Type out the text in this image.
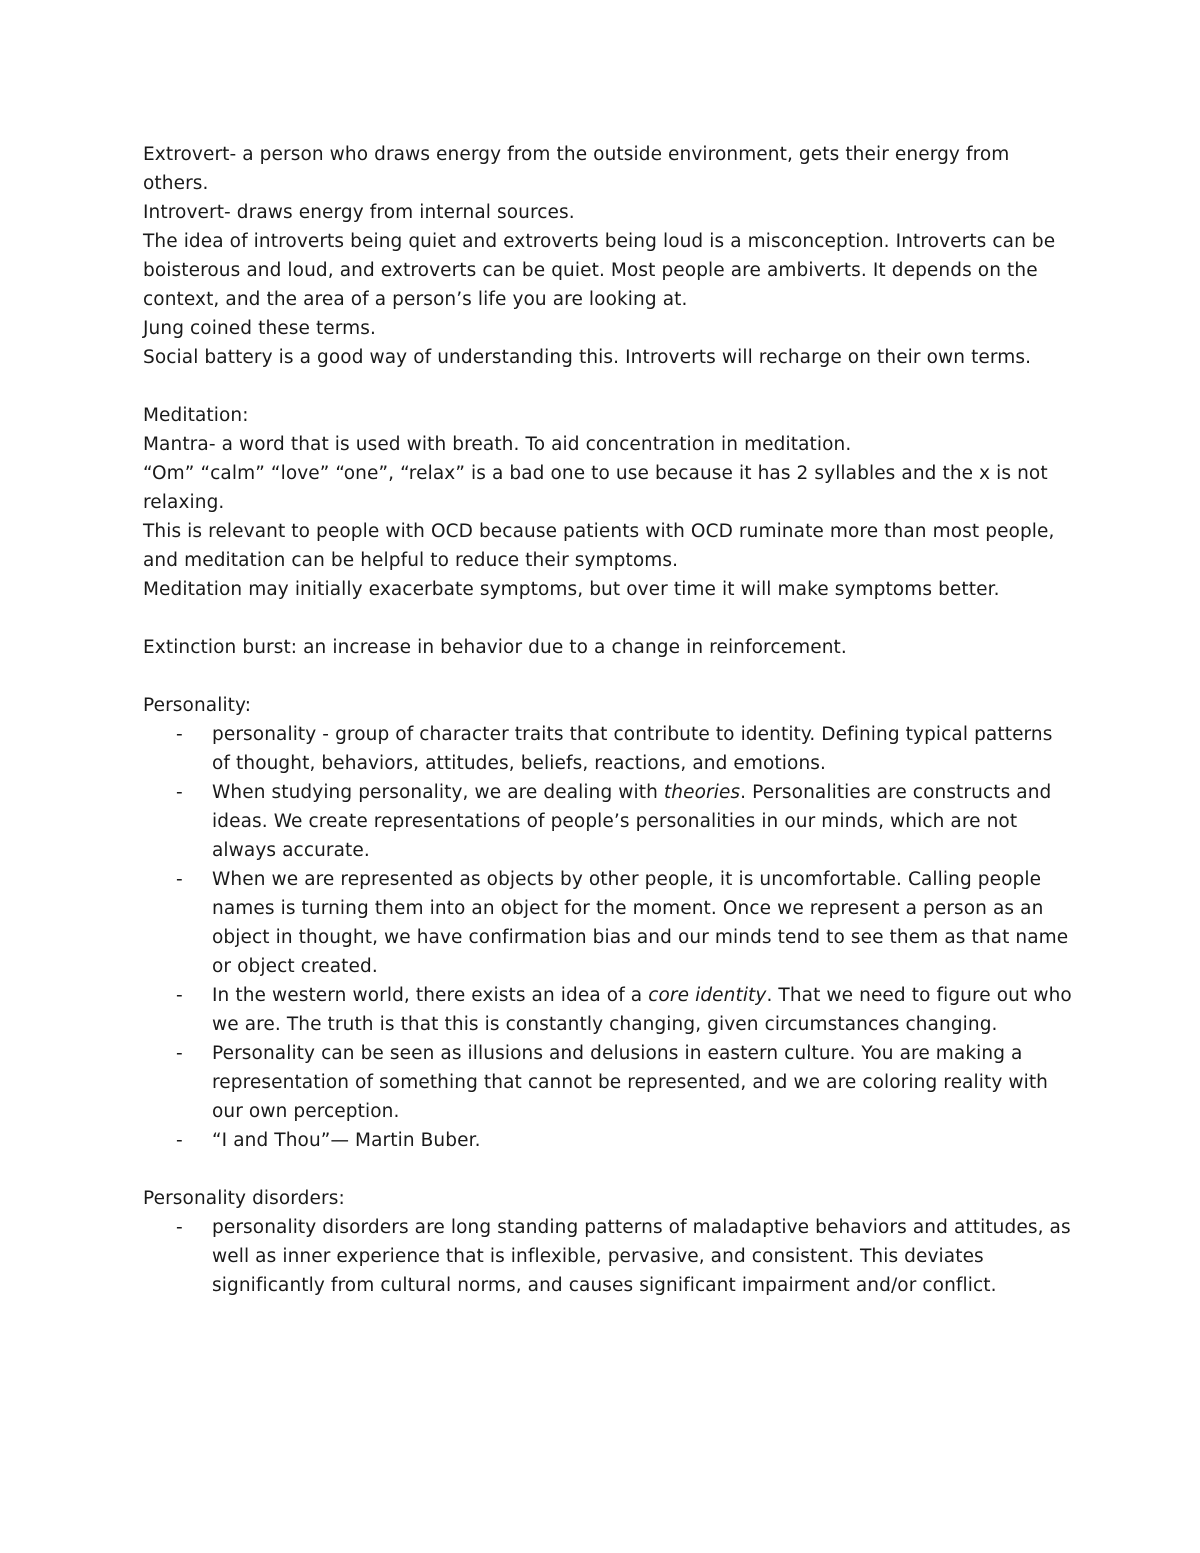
Extrovert- a person who draws energy from the outside environment, gets their energy from others.

Introvert- draws energy from internal sources.

The idea of introverts being quiet and extroverts being loud is a misconception. Introverts can be boisterous and loud, and extroverts can be quiet. Most people are ambiverts. It depends on the context, and the area of a person’s life you are looking at.

Jung coined these terms.

Social battery is a good way of understanding this. Introverts will recharge on their own terms.

Meditation:

Mantra- a word that is used with breath. To aid concentration in meditation.

“Om” “calm” “love” “one”, “relax” is a bad one to use because it has 2 syllables and the x is not relaxing.

This is relevant to people with OCD because patients with OCD ruminate more than most people, and meditation can be helpful to reduce their symptoms.

Meditation may initially exacerbate symptoms, but over time it will make symptoms better.

Extinction burst: an increase in behavior due to a change in reinforcement.

Personality:

- personality - group of character traits that contribute to identity. Defining typical patterns of thought, behaviors, attitudes, beliefs, reactions, and emotions.
- When studying personality, we are dealing with theories. Personalities are constructs and ideas. We create representations of people’s personalities in our minds, which are not always accurate.
- When we are represented as objects by other people, it is uncomfortable. Calling people names is turning them into an object for the moment. Once we represent a person as an object in thought, we have confirmation bias and our minds tend to see them as that name or object created.
- In the western world, there exists an idea of a core identity. That we need to figure out who we are. The truth is that this is constantly changing, given circumstances changing.
- Personality can be seen as illusions and delusions in eastern culture. You are making a representation of something that cannot be represented, and we are coloring reality with our own perception.
- “I and Thou”— Martin Buber.

Personality disorders:

- personality disorders are long standing patterns of maladaptive behaviors and attitudes, as well as inner experience that is inflexible, pervasive, and consistent. This deviates significantly from cultural norms, and causes significant impairment and/or conflict.
